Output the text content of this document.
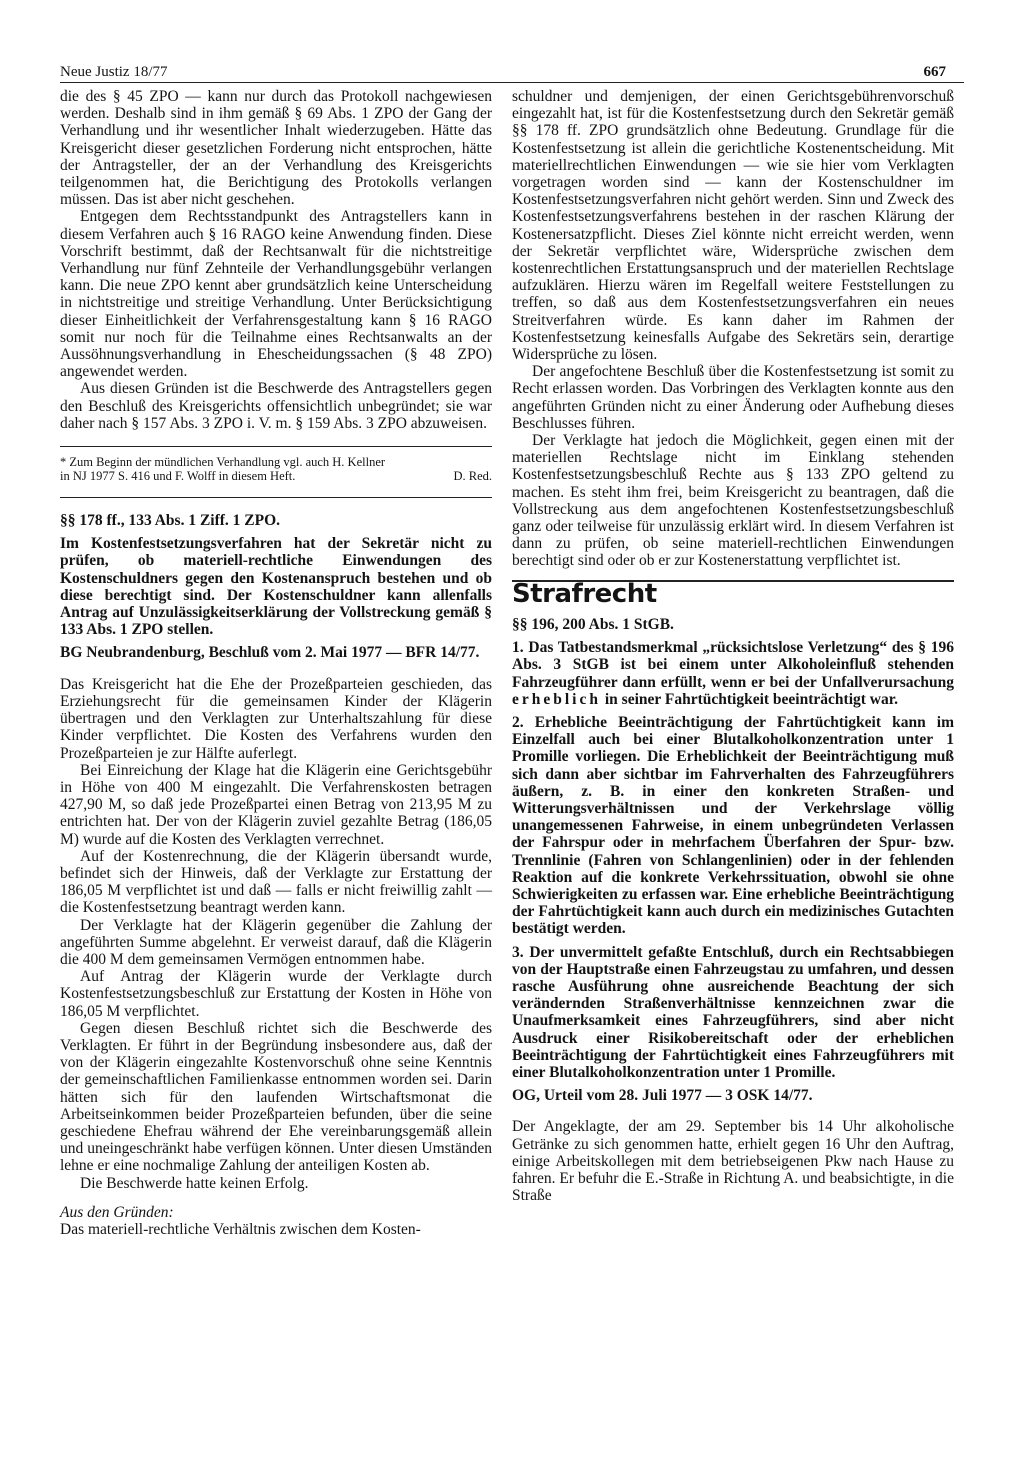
Neue Justiz 18/77	667

die des § 45 ZPO — kann nur durch das Protokoll nachgewiesen werden. Deshalb sind in ihm gemäß § 69 Abs. 1 ZPO der Gang der Verhandlung und ihr wesentlicher Inhalt wiederzugeben. Hätte das Kreisgericht dieser gesetzlichen Forderung nicht entsprochen, hätte der Antragsteller, der an der Verhandlung des Kreisgerichts teilgenommen hat, die Berichtigung des Protokolls verlangen müssen. Das ist aber nicht geschehen.

Entgegen dem Rechtsstandpunkt des Antragstellers kann in diesem Verfahren auch § 16 RAGO keine Anwendung finden. Diese Vorschrift bestimmt, daß der Rechtsanwalt für die nichtstreitige Verhandlung nur fünf Zehnteile der Verhandlungsgebühr verlangen kann. Die neue ZPO kennt aber grundsätzlich keine Unterscheidung in nichtstreitige und streitige Verhandlung. Unter Berücksichtigung dieser Einheitlichkeit der Verfahrensgestaltung kann § 16 RAGO somit nur noch für die Teilnahme eines Rechtsanwalts an der Aussöhnungsverhandlung in Ehescheidungssachen (§ 48 ZPO) angewendet werden.

Aus diesen Gründen ist die Beschwerde des Antragstellers gegen den Beschluß des Kreisgerichts offensichtlich unbegründet; sie war daher nach § 157 Abs. 3 ZPO i. V. m. § 159 Abs. 3 ZPO abzuweisen.

* Zum Beginn der mündlichen Verhandlung vgl. auch H. Kellner
in NJ 1977 S. 416 und F. Wolff in diesem Heft.	D. Red.

§§ 178 ff., 133 Abs. 1 Ziff. 1 ZPO.

Im Kostenfestsetzungsverfahren hat der Sekretär nicht zu prüfen, ob materiell-rechtliche Einwendungen des Kostenschuldners gegen den Kostenanspruch bestehen und ob diese berechtigt sind. Der Kostenschuldner kann allenfalls Antrag auf Unzulässigkeitserklärung der Vollstreckung gemäß § 133 Abs. 1 ZPO stellen.

BG Neubrandenburg, Beschluß vom 2. Mai 1977 — BFR 14/77.

Das Kreisgericht hat die Ehe der Prozeßparteien geschieden, das Erziehungsrecht für die gemeinsamen Kinder der Klägerin übertragen und den Verklagten zur Unterhaltszahlung für diese Kinder verpflichtet. Die Kosten des Verfahrens wurden den Prozeßparteien je zur Hälfte auferlegt.

Bei Einreichung der Klage hat die Klägerin eine Gerichtsgebühr in Höhe von 400 M eingezahlt. Die Verfahrenskosten betragen 427,90 M, so daß jede Prozeßpartei einen Betrag von 213,95 M zu entrichten hat. Der von der Klägerin zuviel gezahlte Betrag (186,05 M) wurde auf die Kosten des Verklagten verrechnet.

Auf der Kostenrechnung, die der Klägerin übersandt wurde, befindet sich der Hinweis, daß der Verklagte zur Erstattung der 186,05 M verpflichtet ist und daß — falls er nicht freiwillig zahlt — die Kostenfestsetzung beantragt werden kann.

Der Verklagte hat der Klägerin gegenüber die Zahlung der angeführten Summe abgelehnt. Er verweist darauf, daß die Klägerin die 400 M dem gemeinsamen Vermögen entnommen habe.

Auf Antrag der Klägerin wurde der Verklagte durch Kostenfestsetzungsbeschluß zur Erstattung der Kosten in Höhe von 186,05 M verpflichtet.

Gegen diesen Beschluß richtet sich die Beschwerde des Verklagten. Er führt in der Begründung insbesondere aus, daß der von der Klägerin eingezahlte Kostenvorschuß ohne seine Kenntnis der gemeinschaftlichen Familienkasse entnommen worden sei. Darin hätten sich für den laufenden Wirtschaftsmonat die Arbeitseinkommen beider Prozeßparteien befunden, über die seine geschiedene Ehefrau während der Ehe vereinbarungsgemäß allein und uneingeschränkt habe verfügen können. Unter diesen Umständen lehne er eine nochmalige Zahlung der anteiligen Kosten ab.

Die Beschwerde hatte keinen Erfolg.

Aus den Gründen:

Das materiell-rechtliche Verhältnis zwischen dem Kosten-

schuldner und demjenigen, der einen Gerichtsgebührenvorschuß eingezahlt hat, ist für die Kostenfestsetzung durch den Sekretär gemäß §§ 178 ff. ZPO grundsätzlich ohne Bedeutung. Grundlage für die Kostenfestsetzung ist allein die gerichtliche Kostenentscheidung. Mit materiellrechtlichen Einwendungen — wie sie hier vom Verklagten vorgetragen worden sind — kann der Kostenschuldner im Kostenfestsetzungsverfahren nicht gehört werden. Sinn und Zweck des Kostenfestsetzungsverfahrens bestehen in der raschen Klärung der Kostenersatzpflicht. Dieses Ziel könnte nicht erreicht werden, wenn der Sekretär verpflichtet wäre, Widersprüche zwischen dem kostenrechtlichen Erstattungsanspruch und der materiellen Rechtslage aufzuklären. Hierzu wären im Regelfall weitere Feststellungen zu treffen, so daß aus dem Kostenfestsetzungsverfahren ein neues Streitverfahren würde. Es kann daher im Rahmen der Kostenfestsetzung keinesfalls Aufgabe des Sekretärs sein, derartige Widersprüche zu lösen.

Der angefochtene Beschluß über die Kostenfestsetzung ist somit zu Recht erlassen worden. Das Vorbringen des Verklagten konnte aus den angeführten Gründen nicht zu einer Änderung oder Aufhebung dieses Beschlusses führen.

Der Verklagte hat jedoch die Möglichkeit, gegen einen mit der materiellen Rechtslage nicht im Einklang stehenden Kostenfestsetzungsbeschluß Rechte aus § 133 ZPO geltend zu machen. Es steht ihm frei, beim Kreisgericht zu beantragen, daß die Vollstreckung aus dem angefochtenen Kostenfestsetzungsbeschluß ganz oder teilweise für unzulässig erklärt wird. In diesem Verfahren ist dann zu prüfen, ob seine materiell-rechtlichen Einwendungen berechtigt sind oder ob er zur Kostenerstattung verpflichtet ist.

Strafrecht

§§ 196, 200 Abs. 1 StGB.

1. Das Tatbestandsmerkmal „rücksichtslose Verletzung“ des § 196 Abs. 3 StGB ist bei einem unter Alkoholeinfluß stehenden Fahrzeugführer dann erfüllt, wenn er bei der Unfallverursachung erheblich in seiner Fahrtüchtigkeit beeinträchtigt war.

2. Erhebliche Beeinträchtigung der Fahrtüchtigkeit kann im Einzelfall auch bei einer Blutalkoholkonzentration unter 1 Promille vorliegen. Die Erheblichkeit der Beeinträchtigung muß sich dann aber sichtbar im Fahrverhalten des Fahrzeugführers äußern, z. B. in einer den konkreten Straßen- und Witterungsverhältnissen und der Verkehrslage völlig unangemessenen Fahrweise, in einem unbegründeten Verlassen der Fahrspur oder in mehrfachem Überfahren der Spur- bzw. Trennlinie (Fahren von Schlangenlinien) oder in der fehlenden Reaktion auf die konkrete Verkehrssituation, obwohl sie ohne Schwierigkeiten zu erfassen war. Eine erhebliche Beeinträchtigung der Fahrtüchtigkeit kann auch durch ein medizinisches Gutachten bestätigt werden.

3. Der unvermittelt gefaßte Entschluß, durch ein Rechtsabbiegen von der Hauptstraße einen Fahrzeugstau zu umfahren, und dessen rasche Ausführung ohne ausreichende Beachtung der sich verändernden Straßenverhältnisse kennzeichnen zwar die Unaufmerksamkeit eines Fahrzeugführers, sind aber nicht Ausdruck einer Risikobereitschaft oder der erheblichen Beeinträchtigung der Fahrtüchtigkeit eines Fahrzeugführers mit einer Blutalkoholkonzentration unter 1 Promille.

OG, Urteil vom 28. Juli 1977 — 3 OSK 14/77.

Der Angeklagte, der am 29. September bis 14 Uhr alkoholische Getränke zu sich genommen hatte, erhielt gegen 16 Uhr den Auftrag, einige Arbeitskollegen mit dem betriebseigenen Pkw nach Hause zu fahren. Er befuhr die E.-Straße in Richtung A. und beabsichtigte, in die Straße
